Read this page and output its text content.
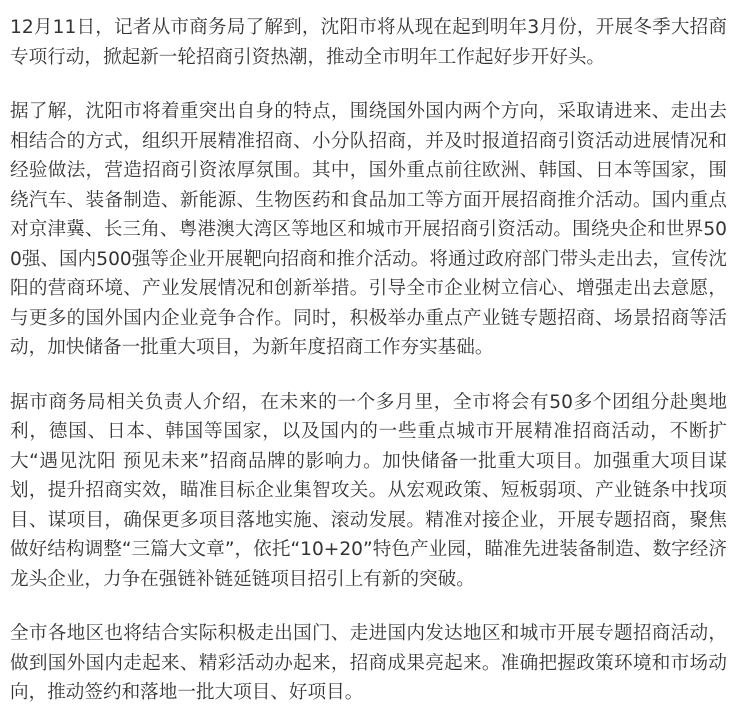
12月11日，记者从市商务局了解到，沈阳市将从现在起到明年3月份，开展冬季大招商专项行动，掀起新一轮招商引资热潮，推动全市明年工作起好步开好头。

据了解，沈阳市将着重突出自身的特点，围绕国外国内两个方向，采取请进来、走出去相结合的方式，组织开展精准招商、小分队招商，并及时报道招商引资活动进展情况和经验做法，营造招商引资浓厚氛围。其中，国外重点前往欧洲、韩国、日本等国家，围绕汽车、装备制造、新能源、生物医药和食品加工等方面开展招商推介活动。国内重点对京津冀、长三角、粤港澳大湾区等地区和城市开展招商引资活动。围绕央企和世界500强、国内500强等企业开展靶向招商和推介活动。将通过政府部门带头走出去，宣传沈阳的营商环境、产业发展情况和创新举措。引导全市企业树立信心、增强走出去意愿，与更多的国外国内企业竞争合作。同时，积极举办重点产业链专题招商、场景招商等活动，加快储备一批重大项目，为新年度招商工作夯实基础。

据市商务局相关负责人介绍，在未来的一个多月里，全市将会有50多个团组分赴奥地利，德国、日本、韩国等国家，以及国内的一些重点城市开展精准招商活动，不断扩大“遇见沈阳 预见未来”招商品牌的影响力。加快储备一批重大项目。加强重大项目谋划，提升招商实效，瞄准目标企业集智攻关。从宏观政策、短板弱项、产业链条中找项目、谋项目，确保更多项目落地实施、滚动发展。精准对接企业，开展专题招商，聚焦做好结构调整“三篇大文章”，依托“10+20”特色产业园，瞄准先进装备制造、数字经济龙头企业，力争在强链补链延链项目招引上有新的突破。

全市各地区也将结合实际积极走出国门、走进国内发达地区和城市开展专题招商活动，做到国外国内走起来、精彩活动办起来，招商成果亮起来。准确把握政策环境和市场动向，推动签约和落地一批大项目、好项目。
